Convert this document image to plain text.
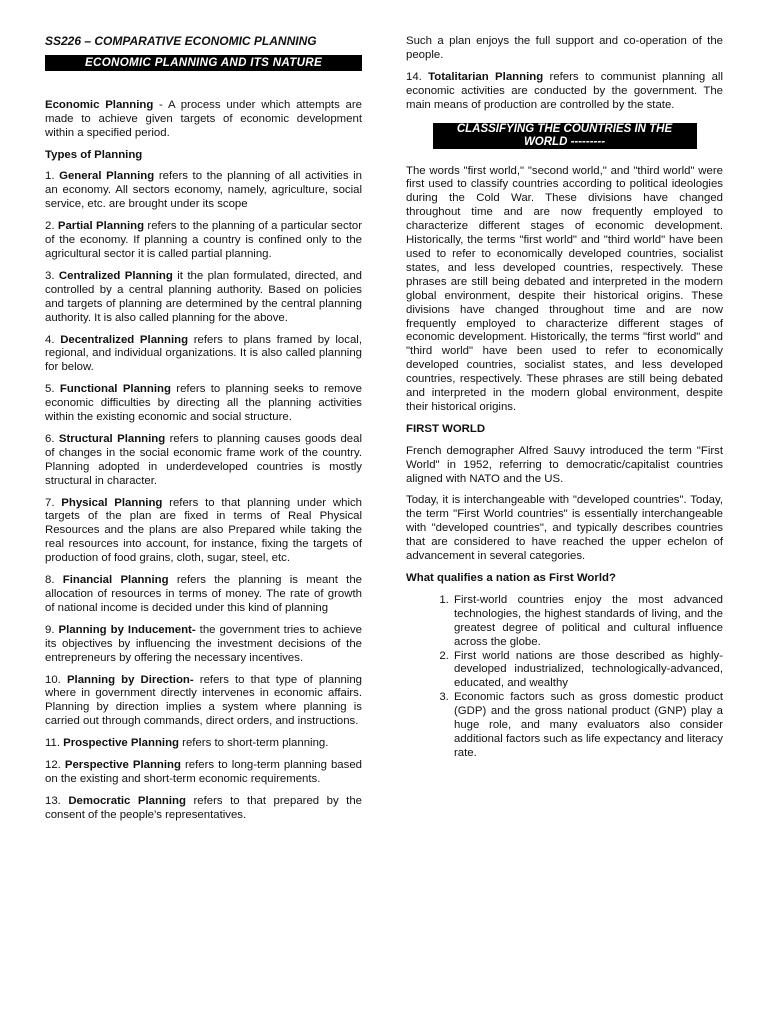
SS226 – COMPARATIVE ECONOMIC PLANNING

ECONOMIC PLANNING AND ITS NATURE

Economic Planning - A process under which attempts are made to achieve given targets of economic development within a specified period.

Types of Planning

1. General Planning refers to the planning of all activities in an economy. All sectors economy, namely, agriculture, social service, etc. are brought under its scope

2. Partial Planning refers to the planning of a particular sector of the economy. If planning a country is confined only to the agricultural sector it is called partial planning.

3. Centralized Planning it the plan formulated, directed, and controlled by a central planning authority. Based on policies and targets of planning are determined by the central planning authority. It is also called planning for the above.

4. Decentralized Planning refers to plans framed by local, regional, and individual organizations. It is also called planning for below.

5. Functional Planning refers to planning seeks to remove economic difficulties by directing all the planning activities within the existing economic and social structure.

6. Structural Planning refers to planning causes goods deal of changes in the social economic frame work of the country. Planning adopted in underdeveloped countries is mostly structural in character.

7. Physical Planning refers to that planning under which targets of the plan are fixed in terms of Real Physical Resources and the plans are also Prepared while taking the real resources into account, for instance, fixing the targets of production of food grains, cloth, sugar, steel, etc.

8. Financial Planning refers the planning is meant the allocation of resources in terms of money. The rate of growth of national income is decided under this kind of planning

9. Planning by Inducement- the government tries to achieve its objectives by influencing the investment decisions of the entrepreneurs by offering the necessary incentives.

10. Planning by Direction- refers to that type of planning where in government directly intervenes in economic affairs. Planning by direction implies a system where planning is carried out through commands, direct orders, and instructions.

11. Prospective Planning refers to short-term planning.

12. Perspective Planning refers to long-term planning based on the existing and short-term economic requirements.

13. Democratic Planning refers to that prepared by the consent of the people’s representatives.

Such a plan enjoys the full support and co-operation of the people.

14. Totalitarian Planning refers to communist planning all economic activities are conducted by the government. The main means of production are controlled by the state.

CLASSIFYING THE COUNTRIES IN THE WORLD ---------

The words "first world," "second world," and "third world" were first used to classify countries according to political ideologies during the Cold War. These divisions have changed throughout time and are now frequently employed to characterize different stages of economic development. Historically, the terms "first world" and "third world" have been used to refer to economically developed countries, socialist states, and less developed countries, respectively. These phrases are still being debated and interpreted in the modern global environment, despite their historical origins. These divisions have changed throughout time and are now frequently employed to characterize different stages of economic development. Historically, the terms "first world" and "third world" have been used to refer to economically developed countries, socialist states, and less developed countries, respectively. These phrases are still being debated and interpreted in the modern global environment, despite their historical origins.

FIRST WORLD

French demographer Alfred Sauvy introduced the term "First World" in 1952, referring to democratic/capitalist countries aligned with NATO and the US.

Today, it is interchangeable with "developed countries". Today, the term "First World countries" is essentially interchangeable with "developed countries", and typically describes countries that are considered to have reached the upper echelon of advancement in several categories.

What qualifies a nation as First World?

1. First-world countries enjoy the most advanced technologies, the highest standards of living, and the greatest degree of political and cultural influence across the globe.
2. First world nations are those described as highly-developed industrialized, technologically-advanced, educated, and wealthy
3. Economic factors such as gross domestic product (GDP) and the gross national product (GNP) play a huge role, and many evaluators also consider additional factors such as life expectancy and literacy rate.
